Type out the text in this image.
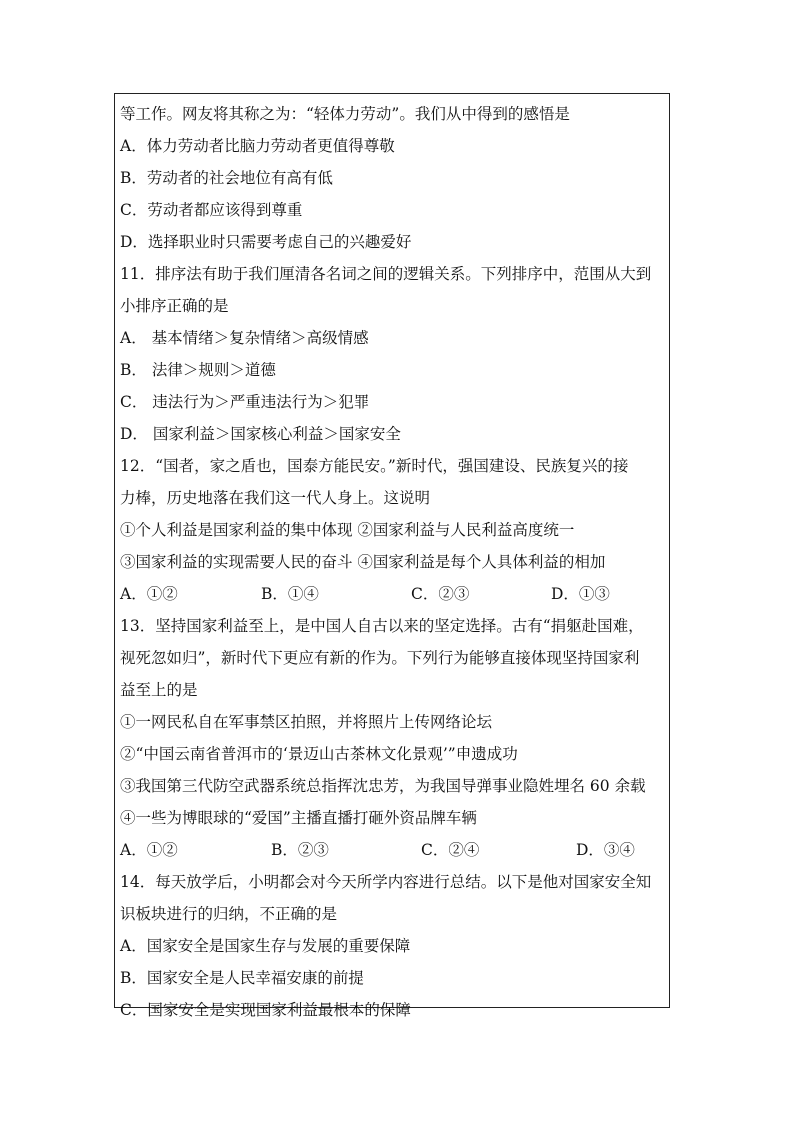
等工作。网友将其称之为：“轻体力劳动”。我们从中得到的感悟是
A．体力劳动者比脑力劳动者更值得尊敬
B．劳动者的社会地位有高有低
C．劳动者都应该得到尊重
D．选择职业时只需要考虑自己的兴趣爱好
11．排序法有助于我们厘清各名词之间的逻辑关系。下列排序中，范围从大到
小排序正确的是
A． 基本情绪＞复杂情绪＞高级情感
B． 法律＞规则＞道德
C． 违法行为＞严重违法行为＞犯罪
D． 国家利益＞国家核心利益＞国家安全
12．“国者，家之盾也，国泰方能民安。”新时代，强国建设、民族复兴的接
力棒，历史地落在我们这一代人身上。这说明
①个人利益是国家利益的集中体现 ②国家利益与人民利益高度统一
③国家利益的实现需要人民的奋斗 ④国家利益是每个人具体利益的相加
A．①②	B．①④	C．②③	D．①③
13．坚持国家利益至上，是中国人自古以来的坚定选择。古有“捐躯赴国难，
视死忽如归”，新时代下更应有新的作为。下列行为能够直接体现坚持国家利
益至上的是
①一网民私自在军事禁区拍照，并将照片上传网络论坛
②“中国云南省普洱市的‘景迈山古茶林文化景观’”申遗成功
③我国第三代防空武器系统总指挥沈忠芳，为我国导弹事业隐姓埋名 60 余载
④一些为博眼球的“爱国”主播直播打砸外资品牌车辆
A．①②	B．②③	C．②④	D．③④
14．每天放学后，小明都会对今天所学内容进行总结。以下是他对国家安全知
识板块进行的归纳，不正确的是
A．国家安全是国家生存与发展的重要保障
B．国家安全是人民幸福安康的前提
C．国家安全是实现国家利益最根本的保障
